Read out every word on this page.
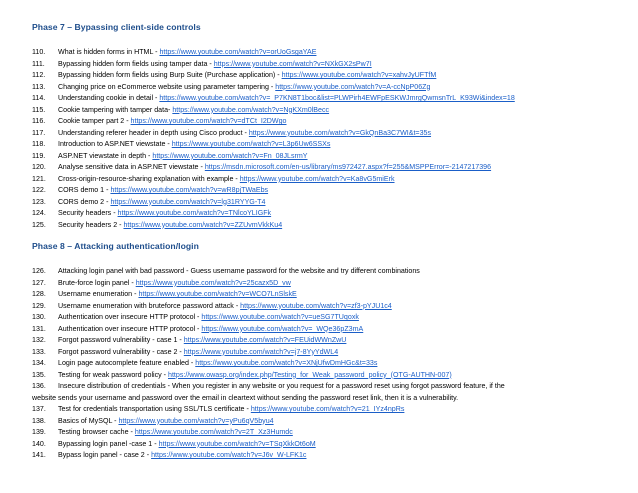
Phase 7 – Bypassing client-side controls
110.	What is hidden forms in HTML - https://www.youtube.com/watch?v=orUoGsgaYAE
111.	Bypassing hidden form fields using tamper data - https://www.youtube.com/watch?v=NXkGX2sPw7I
112.	Bypassing hidden form fields using Burp Suite (Purchase application) - https://www.youtube.com/watch?v=xahvJyUFTfM
113.	Changing price on eCommerce website using parameter tampering - https://www.youtube.com/watch?v=A-ccNpP06Zg
114.	Understanding cookie in detail - https://www.youtube.com/watch?v=_P7KN8T1boc&list=PLWPirh4EWFpESKWJmrgQwmsnTrL_K93Wi&index=18
115.	Cookie tampering with tamper data- https://www.youtube.com/watch?v=NgKXm0lBecc
116.	Cookie tamper part 2 - https://www.youtube.com/watch?v=dTCt_I2DWgo
117.	Understanding referer header in depth using Cisco product - https://www.youtube.com/watch?v=GkQnBa3C7WI&t=35s
118.	Introduction to ASP.NET viewstate - https://www.youtube.com/watch?v=L3p6Uw6SSXs
119.	ASP.NET viewstate in depth - https://www.youtube.com/watch?v=Fn_08JLsrmY
120.	Analyse sensitive data in ASP.NET viewstate - https://msdn.microsoft.com/en-us/library/ms972427.aspx?f=255&MSPPError=-2147217396
121.	Cross-origin-resource-sharing explanation with example - https://www.youtube.com/watch?v=Ka8vG5miErk
122.	CORS demo 1 - https://www.youtube.com/watch?v=wR8pjTWaEbs
123.	CORS demo 2 - https://www.youtube.com/watch?v=lg31RYYG-T4
124.	Security headers - https://www.youtube.com/watch?v=TNlcoYLIGFk
125.	Security headers 2 - https://www.youtube.com/watch?v=ZZUvmVkkKu4
Phase 8 – Attacking authentication/login
126.	Attacking login panel with bad password - Guess username password for the website and try different combinations
127.	Brute-force login panel - https://www.youtube.com/watch?v=25cazx5D_vw
128.	Username enumeration - https://www.youtube.com/watch?v=WCO7LnSlskE
129.	Username enumeration with bruteforce password attack - https://www.youtube.com/watch?v=zf3-pYJU1c4
130.	Authentication over insecure HTTP protocol - https://www.youtube.com/watch?v=ueSG7TUqoxk
131.	Authentication over insecure HTTP protocol - https://www.youtube.com/watch?v=_WQe36pZ3mA
132.	Forgot password vulnerability - case 1 - https://www.youtube.com/watch?v=FEUidWWnZwU
133.	Forgot password vulnerability - case 2 - https://www.youtube.com/watch?v=j7-8YyYdWL4
134.	Login page autocomplete feature enabled - https://www.youtube.com/watch?v=XNjUfwDmHGc&t=33s
135.	Testing for weak password policy - https://www.owasp.org/index.php/Testing_for_Weak_password_policy_(OTG-AUTHN-007)
136.	Insecure distribution of credentials - When you register in any website or you request for a password reset using forgot password feature, if the
website sends your username and password over the email in cleartext without sending the password reset link, then it is a vulnerability.
137.	Test for credentials transportation using SSL/TLS certificate - https://www.youtube.com/watch?v=21_IYz4npRs
138.	Basics of MySQL - https://www.youtube.com/watch?v=yPu6qV5byu4
139.	Testing browser cache - https://www.youtube.com/watch?v=2T_Xz3Humdc
140.	Bypassing login panel -case 1 - https://www.youtube.com/watch?v=TSqXkkOt6oM
141.	Bypass login panel - case 2 - https://www.youtube.com/watch?v=J6v_W-LFK1c
